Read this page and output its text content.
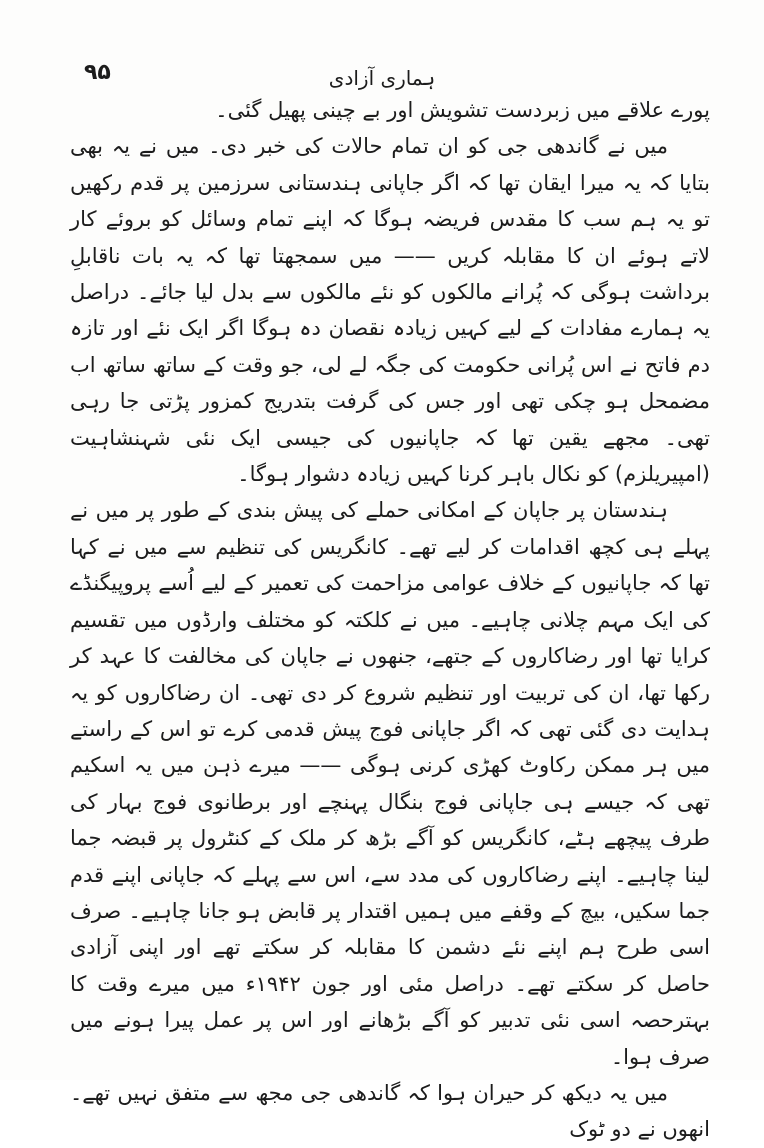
۹۵	ہماری آزادی

پورے علاقے میں زبردست تشویش اور بے چینی پھیل گئی۔

میں نے گاندھی جی کو ان تمام حالات کی خبر دی۔ میں نے یہ بھی بتایا کہ یہ میرا ایقان تھا کہ اگر جاپانی ہندستانی سرزمین پر قدم رکھیں تو یہ ہم سب کا مقدس فریضہ ہوگا کہ اپنے تمام وسائل کو بروئے کار لاتے ہوئے ان کا مقابلہ کریں —— میں سمجھتا تھا کہ یہ بات ناقابلِ برداشت ہوگی کہ پُرانے مالکوں کو نئے مالکوں سے بدل لیا جائے۔ دراصل یہ ہمارے مفادات کے لیے کہیں زیادہ نقصان دہ ہوگا اگر ایک نئے اور تازہ دم فاتح نے اس پُرانی حکومت کی جگہ لے لی، جو وقت کے ساتھ ساتھ اب مضمحل ہو چکی تھی اور جس کی گرفت بتدریج کمزور پڑتی جا رہی تھی۔ مجھے یقین تھا کہ جاپانیوں کی جیسی ایک نئی شہنشاہیت (امپیریلزم) کو نکال باہر کرنا کہیں زیادہ دشوار ہوگا۔

ہندستان پر جاپان کے امکانی حملے کی پیش بندی کے طور پر میں نے پہلے ہی کچھ اقدامات کر لیے تھے۔ کانگریس کی تنظیم سے میں نے کہا تھا کہ جاپانیوں کے خلاف عوامی مزاحمت کی تعمیر کے لیے اُسے پروپیگنڈے کی ایک مہم چلانی چاہیے۔ میں نے کلکتہ کو مختلف وارڈوں میں تقسیم کرایا تھا اور رضاکاروں کے جتھے، جنھوں نے جاپان کی مخالفت کا عہد کر رکھا تھا، ان کی تربیت اور تنظیم شروع کر دی تھی۔ ان رضاکاروں کو یہ ہدایت دی گئی تھی کہ اگر جاپانی فوج پیش قدمی کرے تو اس کے راستے میں ہر ممکن رکاوٹ کھڑی کرنی ہوگی —— میرے ذہن میں یہ اسکیم تھی کہ جیسے ہی جاپانی فوج بنگال پہنچے اور برطانوی فوج بہار کی طرف پیچھے ہٹے، کانگریس کو آگے بڑھ کر ملک کے کنٹرول پر قبضہ جما لینا چاہیے۔ اپنے رضاکاروں کی مدد سے، اس سے پہلے کہ جاپانی اپنے قدم جما سکیں، بیچ کے وقفے میں ہمیں اقتدار پر قابض ہو جانا چاہیے۔ صرف اسی طرح ہم اپنے نئے دشمن کا مقابلہ کر سکتے تھے اور اپنی آزادی حاصل کر سکتے تھے۔ دراصل مئی اور جون ۱۹۴۲ء میں میرے وقت کا بہترحصہ اسی نئی تدبیر کو آگے بڑھانے اور اس پر عمل پیرا ہونے میں صرف ہوا۔

میں یہ دیکھ کر حیران ہوا کہ گاندھی جی مجھ سے متفق نہیں تھے۔ انھوں نے دو ٹوک
